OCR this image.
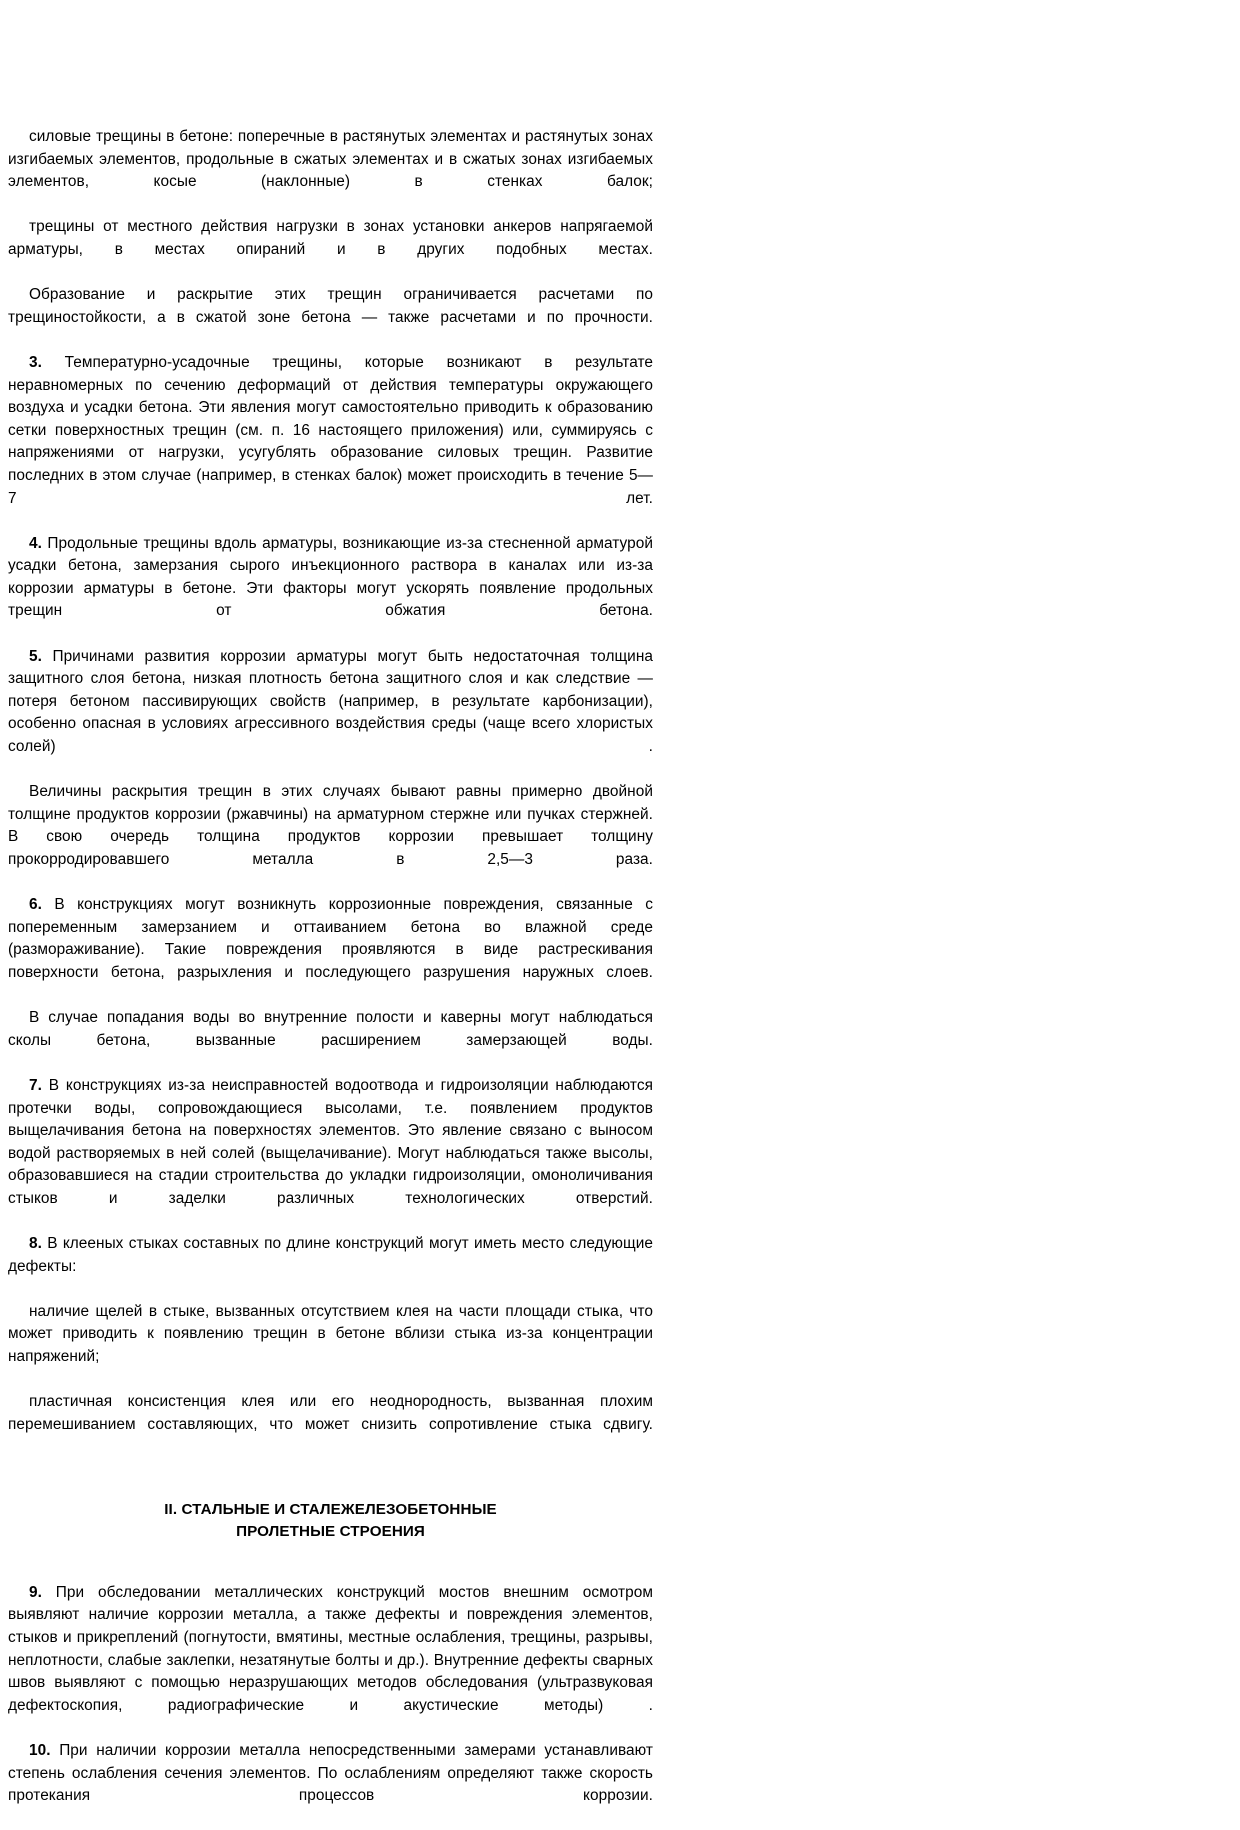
силовые трещины в бетоне: поперечные в растянутых элементах и растянутых зонах изгибаемых элементов, продольные в сжатых элементах и в сжатых зонах изгибаемых элементов, косые (наклонные) в стенках балок;

трещины от местного действия нагрузки в зонах установки анкеров напрягаемой арматуры, в местах опираний и в других подобных местах.

Образование и раскрытие этих трещин ограничивается расчетами по трещиностойкости, а в сжатой зоне бетона — также расчетами и по прочности.

3. Температурно-усадочные трещины, которые возникают в результате неравномерных по сечению деформаций от действия температуры окружающего воздуха и усадки бетона. Эти явления могут самостоятельно приводить к образованию сетки поверхностных трещин (см. п. 16 настоящего приложения) или, суммируясь с напряжениями от нагрузки, усугублять образование силовых трещин. Развитие последних в этом случае (например, в стенках балок) может происходить в течение 5—7 лет.

4. Продольные трещины вдоль арматуры, возникающие из-за стесненной арматурой усадки бетона, замерзания сырого инъекционного раствора в каналах или из-за коррозии арматуры в бетоне. Эти факторы могут ускорять появление продольных трещин от обжатия бетона.

5. Причинами развития коррозии арматуры могут быть недостаточная толщина защитного слоя бетона, низкая плотность бетона защитного слоя и как следствие — потеря бетоном пассивирующих свойств (например, в результате карбонизации), особенно опасная в условиях агрессивного воздействия среды (чаще всего хлористых солей) .

Величины раскрытия трещин в этих случаях бывают равны примерно двойной толщине продуктов коррозии (ржавчины) на арматурном стержне или пучках стержней. В свою очередь толщина продуктов коррозии превышает толщину прокорродировавшего металла в 2,5—3 раза.

6. В конструкциях могут возникнуть коррозионные повреждения, связанные с попеременным замерзанием и оттаиванием бетона во влажной среде (размораживание). Такие повреждения проявляются в виде растрескивания поверхности бетона, разрыхления и последующего разрушения наружных слоев.

В случае попадания воды во внутренние полости и каверны могут наблюдаться сколы бетона, вызванные расширением замерзающей воды.

7. В конструкциях из-за неисправностей водоотвода и гидроизоляции наблюдаются протечки воды, сопровождающиеся высолами, т.е. появлением продуктов выщелачивания бетона на поверхностях элементов. Это явление связано с выносом водой растворяемых в ней солей (выщелачивание). Могут наблюдаться также высолы, образовавшиеся на стадии строительства до укладки гидроизоляции, омоноличивания стыков и заделки различных технологических отверстий.

8. В клееных стыках составных по длине конструкций могут иметь место следующие дефекты:

наличие щелей в стыке, вызванных отсутствием клея на части площади стыка, что может приводить к появлению трещин в бетоне вблизи стыка из-за концентрации напряжений;

пластичная консистенция клея или его неоднородность, вызванная плохим перемешиванием составляющих, что может снизить сопротивление стыка сдвигу.

II. СТАЛЬНЫЕ И СТАЛЕЖЕЛЕЗОБЕТОННЫЕ
ПРОЛЕТНЫЕ СТРОЕНИЯ

9. При обследовании металлических конструкций мостов внешним осмотром выявляют наличие коррозии металла, а также дефекты и повреждения элементов, стыков и прикреплений (погнутости, вмятины, местные ослабления, трещины, разрывы, неплотности, слабые заклепки, незатянутые болты и др.). Внутренние дефекты сварных швов выявляют с помощью неразрушающих методов обследования (ультразвуковая дефектоскопия, радиографические и акустические методы) .

10. При наличии коррозии металла непосредственными замерами устанавливают степень ослабления сечения элементов. По ослаблениям определяют также скорость протекания процессов коррозии.
